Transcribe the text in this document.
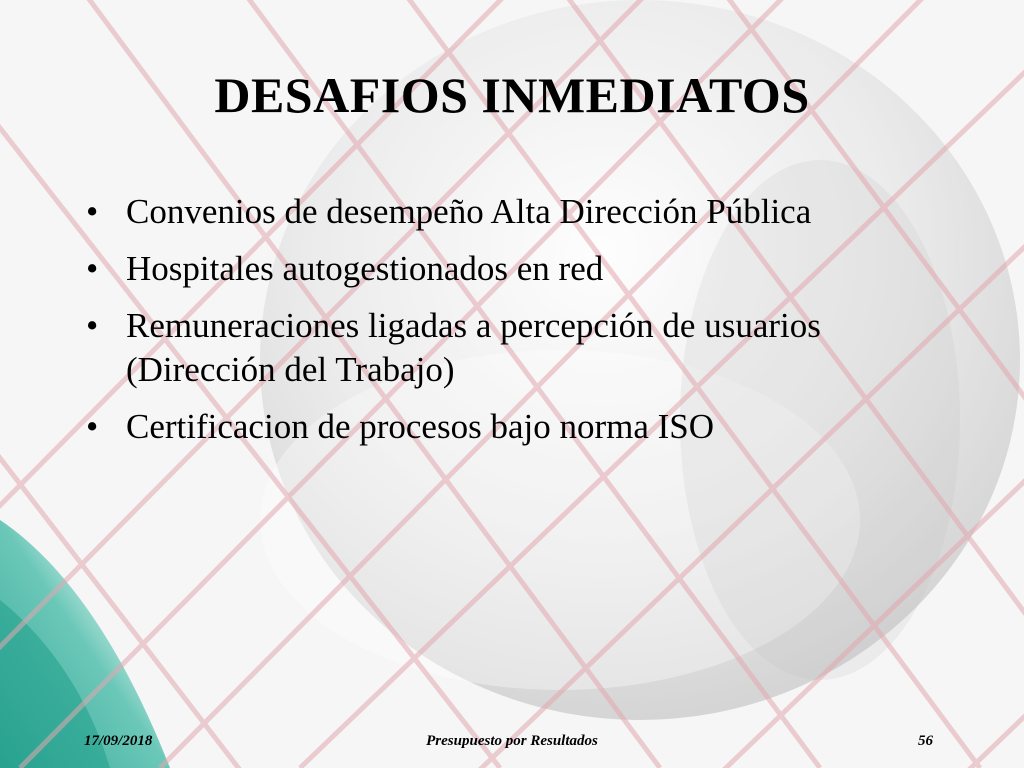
DESAFIOS INMEDIATOS
• Convenios de desempeño Alta Dirección Pública
• Hospitales autogestionados en red
• Remuneraciones ligadas a percepción de usuarios (Dirección del Trabajo)
• Certificacion de procesos bajo norma ISO
17/09/2018	Presupuesto por Resultados	56
